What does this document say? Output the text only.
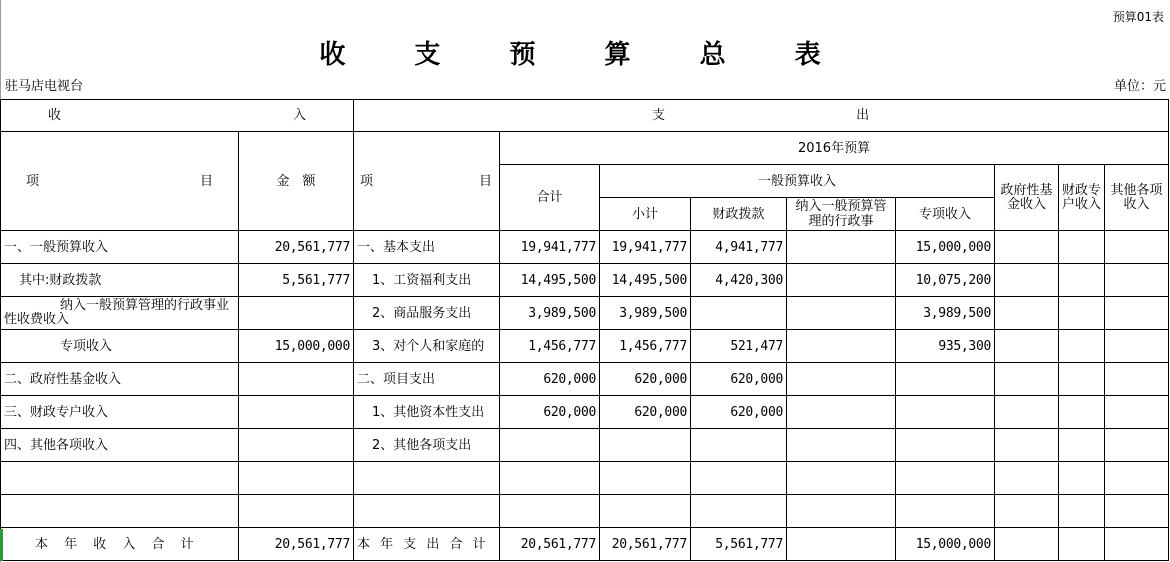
预算01表
收 支 预 算 总 表
驻马店电视台	单位：元
收 入		支 出								

项 目	金　额	项 目	2016年预算							
			合计	一般预算收入				政府性基金收入	财政专户收入	其他各项收入
				小计	财政拨款	纳入一般预算管理的行政事	专项收入			
一、一般预算收入	20,561,777	一、基本支出	19,941,777	19,941,777	4,941,777		15,000,000			
其中:财政拨款	5,561,777	1、工资福利支出	14,495,500	14,495,500	4,420,300		10,075,200			
纳入一般预算管理的行政事业性收费收入		2、商品服务支出	3,989,500	3,989,500			3,989,500			
专项收入	15,000,000	3、对个人和家庭的	1,456,777	1,456,777	521,477		935,300			
二、政府性基金收入		二、项目支出	620,000	620,000	620,000					
三、财政专户收入		1、其他资本性支出	620,000	620,000	620,000					
四、其他各项收入		2、其他各项支出								

本 年 收 入 合 计	20,561,777	本 年 支 出 合 计	20,561,777	20,561,777	5,561,777		15,000,000			
